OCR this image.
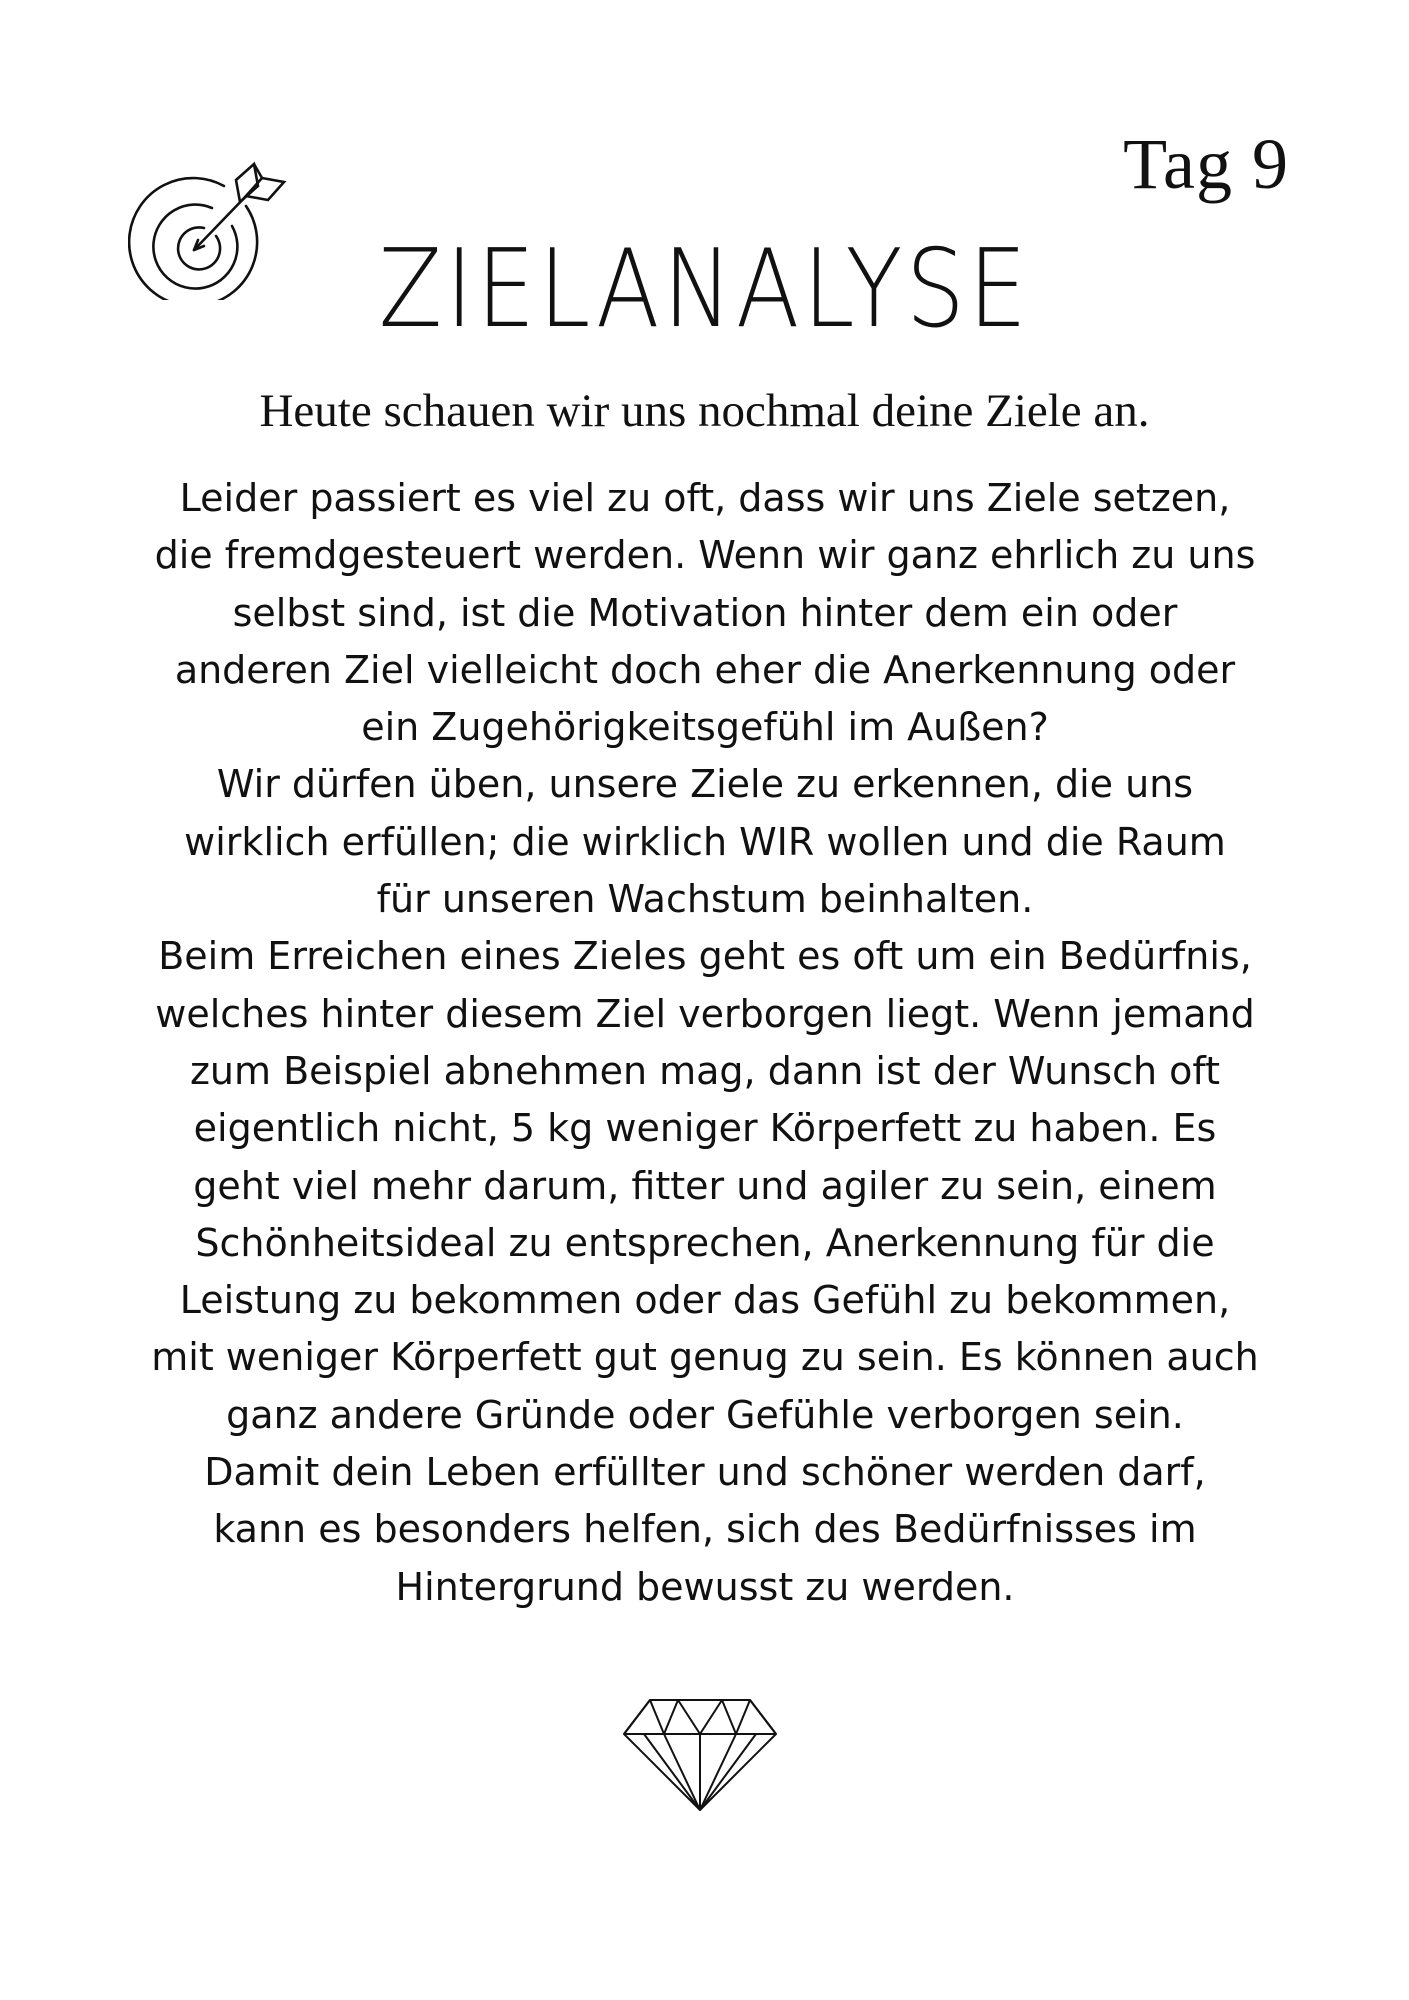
Tag 9
ZIELANALYSE
Heute schauen wir uns nochmal deine Ziele an.
Leider passiert es viel zu oft, dass wir uns Ziele setzen,
die fremdgesteuert werden. Wenn wir ganz ehrlich zu uns
selbst sind, ist die Motivation hinter dem ein oder
anderen Ziel vielleicht doch eher die Anerkennung oder
ein Zugehörigkeitsgefühl im Außen?
Wir dürfen üben, unsere Ziele zu erkennen, die uns
wirklich erfüllen; die wirklich WIR wollen und die Raum
für unseren Wachstum beinhalten.
Beim Erreichen eines Zieles geht es oft um ein Bedürfnis,
welches hinter diesem Ziel verborgen liegt. Wenn jemand
zum Beispiel abnehmen mag, dann ist der Wunsch oft
eigentlich nicht, 5 kg weniger Körperfett zu haben. Es
geht viel mehr darum, fitter und agiler zu sein, einem
Schönheitsideal zu entsprechen, Anerkennung für die
Leistung zu bekommen oder das Gefühl zu bekommen,
mit weniger Körperfett gut genug zu sein. Es können auch
ganz andere Gründe oder Gefühle verborgen sein.
Damit dein Leben erfüllter und schöner werden darf,
kann es besonders helfen, sich des Bedürfnisses im
Hintergrund bewusst zu werden.
